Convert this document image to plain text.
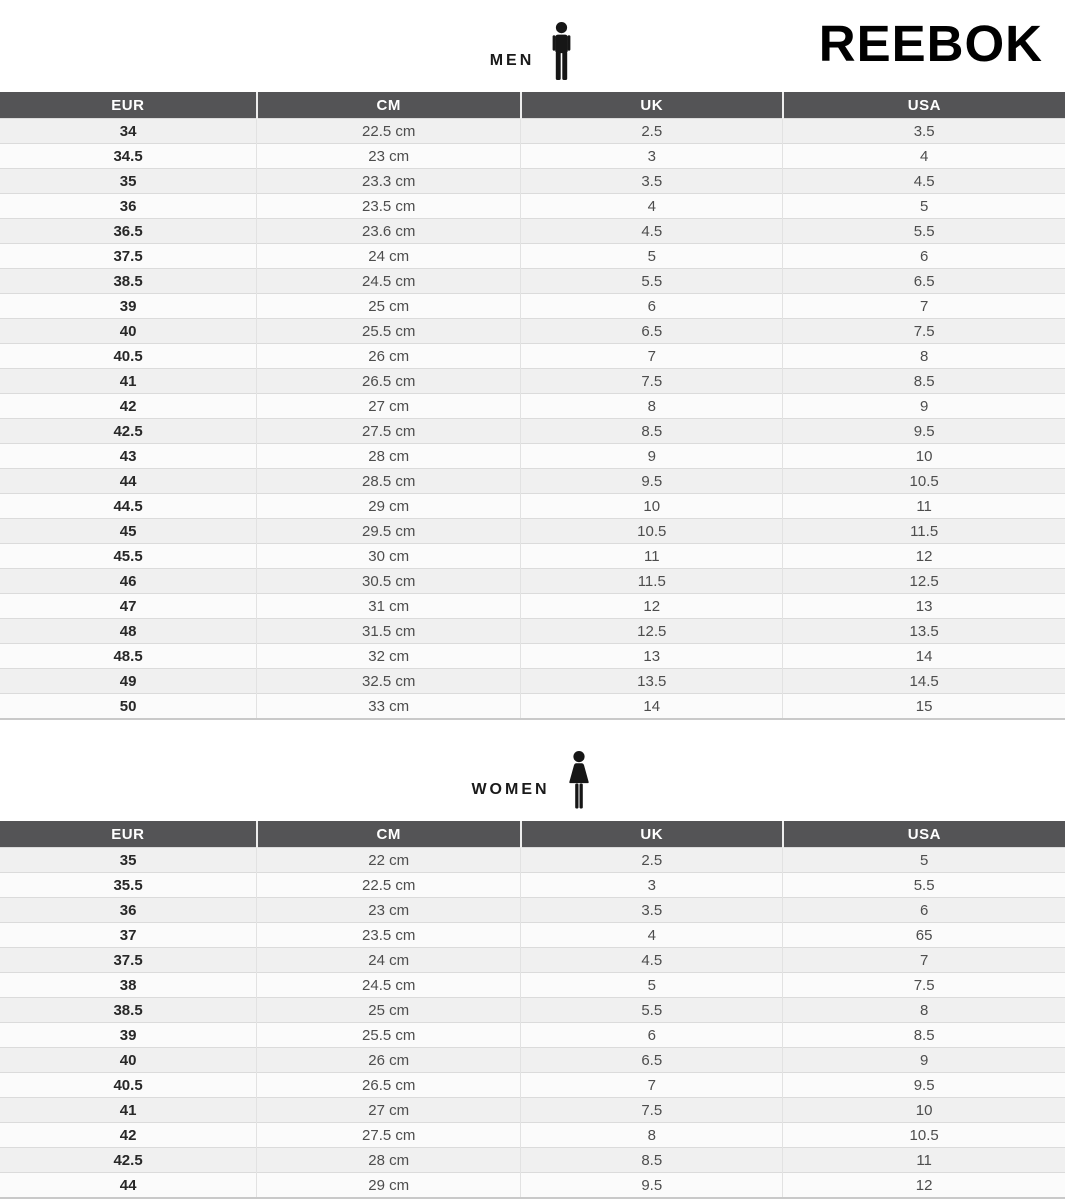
MEN	REEBOK
EUR	CM	UK	USA
34	22.5 cm	2.5	3.5
34.5	23 cm	3	4
35	23.3 cm	3.5	4.5
36	23.5 cm	4	5
36.5	23.6 cm	4.5	5.5
37.5	24 cm	5	6
38.5	24.5 cm	5.5	6.5
39	25 cm	6	7
40	25.5 cm	6.5	7.5
40.5	26 cm	7	8
41	26.5 cm	7.5	8.5
42	27 cm	8	9
42.5	27.5 cm	8.5	9.5
43	28 cm	9	10
44	28.5 cm	9.5	10.5
44.5	29 cm	10	11
45	29.5 cm	10.5	11.5
45.5	30 cm	11	12
46	30.5 cm	11.5	12.5
47	31 cm	12	13
48	31.5 cm	12.5	13.5
48.5	32 cm	13	14
49	32.5 cm	13.5	14.5
50	33 cm	14	15
WOMEN
EUR	CM	UK	USA
35	22 cm	2.5	5
35.5	22.5 cm	3	5.5
36	23 cm	3.5	6
37	23.5 cm	4	65
37.5	24 cm	4.5	7
38	24.5 cm	5	7.5
38.5	25 cm	5.5	8
39	25.5 cm	6	8.5
40	26 cm	6.5	9
40.5	26.5 cm	7	9.5
41	27 cm	7.5	10
42	27.5 cm	8	10.5
42.5	28 cm	8.5	11
44	29 cm	9.5	12
